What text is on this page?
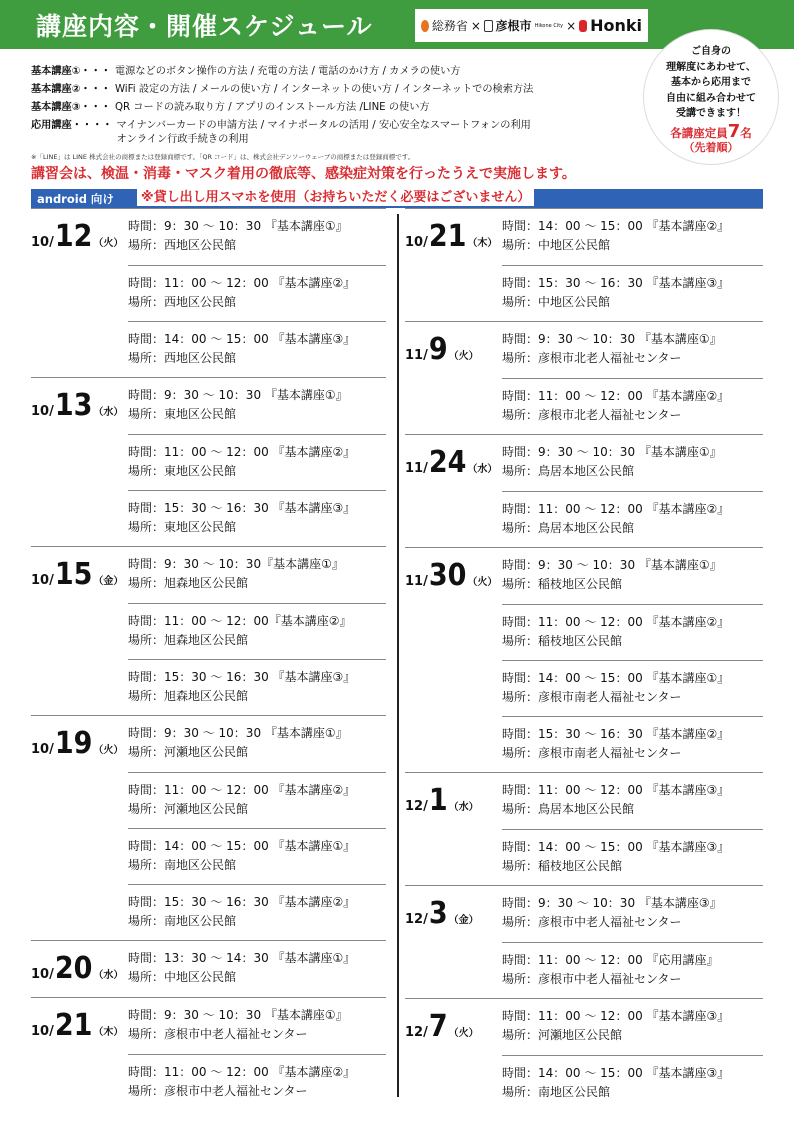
講座内容・開催スケジュール	総務省 × 彦根市 Hikone City × Honki
ご自身の
理解度にあわせて、
基本から応用まで
自由に組み合わせて
受講できます！
各講座定員7名
（先着順）
基本講座① ・・・ 電源などのボタン操作の方法 / 充電の方法 / 電話のかけ方 / カメラの使い方
基本講座② ・・・ WiFi 設定の方法 / メールの使い方 / インターネットの使い方 / インターネットでの検索方法
基本講座③ ・・・ QR コードの読み取り方 / アプリのインストール方法 /LINE の使い方
応用講座 ・・・・ マイナンバーカードの申請方法 / マイナポータルの活用 / 安心安全なスマートフォンの利用
オンライン行政手続きの利用
※「LINE」は LINE 株式会社の商標または登録商標です。「QR コード」は、株式会社デンソーウェーブの商標または登録商標です。
講習会は、検温・消毒・マスク着用の徹底等、感染症対策を行ったうえで実施します。
android 向け	※貸し出し用スマホを使用（お持ちいただく必要はございません）
10/ 12 （火）
時間：9：30 ～ 10：30 『基本講座①』
場所：西地区公民館
時間：11：00 ～ 12：00 『基本講座②』
場所：西地区公民館
時間：14：00 ～ 15：00 『基本講座③』
場所：西地区公民館
10/ 13 （水）
時間：9：30 ～ 10：30 『基本講座①』
場所：東地区公民館
時間：11：00 ～ 12：00 『基本講座②』
場所：東地区公民館
時間：15：30 ～ 16：30 『基本講座③』
場所：東地区公民館
10/ 15 （金）
時間：9：30 ～ 10：30『基本講座①』
場所：旭森地区公民館
時間：11：00 ～ 12：00『基本講座②』
場所：旭森地区公民館
時間：15：30 ～ 16：30 『基本講座③』
場所：旭森地区公民館
10/ 19 （火）
時間：9：30 ～ 10：30 『基本講座①』
場所：河瀬地区公民館
時間：11：00 ～ 12：00 『基本講座②』
場所：河瀬地区公民館
時間：14：00 ～ 15：00 『基本講座①』
場所：南地区公民館
時間：15：30 ～ 16：30 『基本講座②』
場所：南地区公民館
10/ 20 （水）
時間：13：30 ～ 14：30 『基本講座①』
場所：中地区公民館
10/ 21 （木）
時間：9：30 ～ 10：30 『基本講座①』
場所：彦根市中老人福祉センター
時間：11：00 ～ 12：00 『基本講座②』
場所：彦根市中老人福祉センター
10/ 21 （木）
時間：14：00 ～ 15：00 『基本講座②』
場所：中地区公民館
時間：15：30 ～ 16：30 『基本講座③』
場所：中地区公民館
11/ 9 （火）
時間：9：30 ～ 10：30 『基本講座①』
場所：彦根市北老人福祉センター
時間：11：00 ～ 12：00 『基本講座②』
場所：彦根市北老人福祉センター
11/ 24 （水）
時間：9：30 ～ 10：30 『基本講座①』
場所：鳥居本地区公民館
時間：11：00 ～ 12：00 『基本講座②』
場所：鳥居本地区公民館
11/ 30 （火）
時間：9：30 ～ 10：30 『基本講座①』
場所：稲枝地区公民館
時間：11：00 ～ 12：00 『基本講座②』
場所：稲枝地区公民館
時間：14：00 ～ 15：00 『基本講座①』
場所：彦根市南老人福祉センター
時間：15：30 ～ 16：30 『基本講座②』
場所：彦根市南老人福祉センター
12/ 1 （水）
時間：11：00 ～ 12：00 『基本講座③』
場所：鳥居本地区公民館
時間：14：00 ～ 15：00 『基本講座③』
場所：稲枝地区公民館
12/ 3 （金）
時間：9：30 ～ 10：30 『基本講座③』
場所：彦根市中老人福祉センター
時間：11：00 ～ 12：00 『応用講座』
場所：彦根市中老人福祉センター
12/ 7 （火）
時間：11：00 ～ 12：00 『基本講座③』
場所：河瀬地区公民館
時間：14：00 ～ 15：00 『基本講座③』
場所：南地区公民館
